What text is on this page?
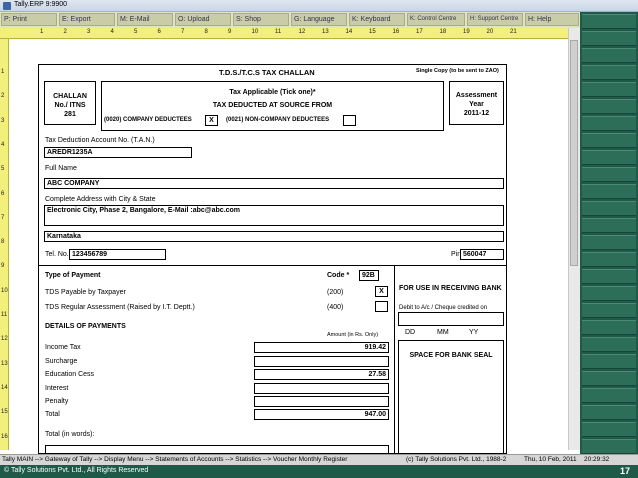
Tally.ERP 9:9900
P: Print	E: Export	M: E-Mail	O: Upload	S: Shop	G: Language	K: Keyboard	K: Control Centre	H: Support Centre	H: Help
1	2	3	4	5	6	7	8	9	10	11	12	13	14	15	16	17	18	19	20	21
1
2
3
4
5
6
7
8
9
10
11
12
13
14
15
16
T.D.S./T.C.S TAX CHALLAN	Single Copy (to be sent to ZAO)
CHALLAN
No./ ITNS
281
Tax Applicable (Tick one)*
TAX DEDUCTED AT SOURCE FROM
(0020) COMPANY DEDUCTEES	X	(0021) NON-COMPANY DEDUCTEES
Assessment
Year
2011-12
Tax Deduction Account No. (T.A.N.)
AREDR1235A
Full Name
ABC COMPANY
Complete Address with City & State
Electronic City, Phase 2, Bangalore, E-Mail :abc@abc.com
Karnataka
Tel. No. 123456789	Pin 560047
Type of Payment	Code *	92B
TDS Payable by Taxpayer	(200)	X
TDS Regular Assessment (Raised by I.T. Deptt.)	(400)
DETAILS OF PAYMENTS
Amount (in Rs. Only)
Income Tax	919.42
Surcharge
Education Cess	27.58
Interest
Penalty
Total	947.00
Total (in words):
FOR USE IN RECEIVING BANK
Debit to A/c / Cheque credited on
DD	MM	YY
SPACE FOR BANK SEAL
Tally MAIN --> Gateway of Tally --> Display Menu --> Statements of Accounts --> Statistics --> Voucher Monthly Register	(c) Tally Solutions Pvt. Ltd., 1988-2	Thu, 10 Feb, 2011 20:29:32
© Tally Solutions Pvt. Ltd., All Rights Reserved	17
